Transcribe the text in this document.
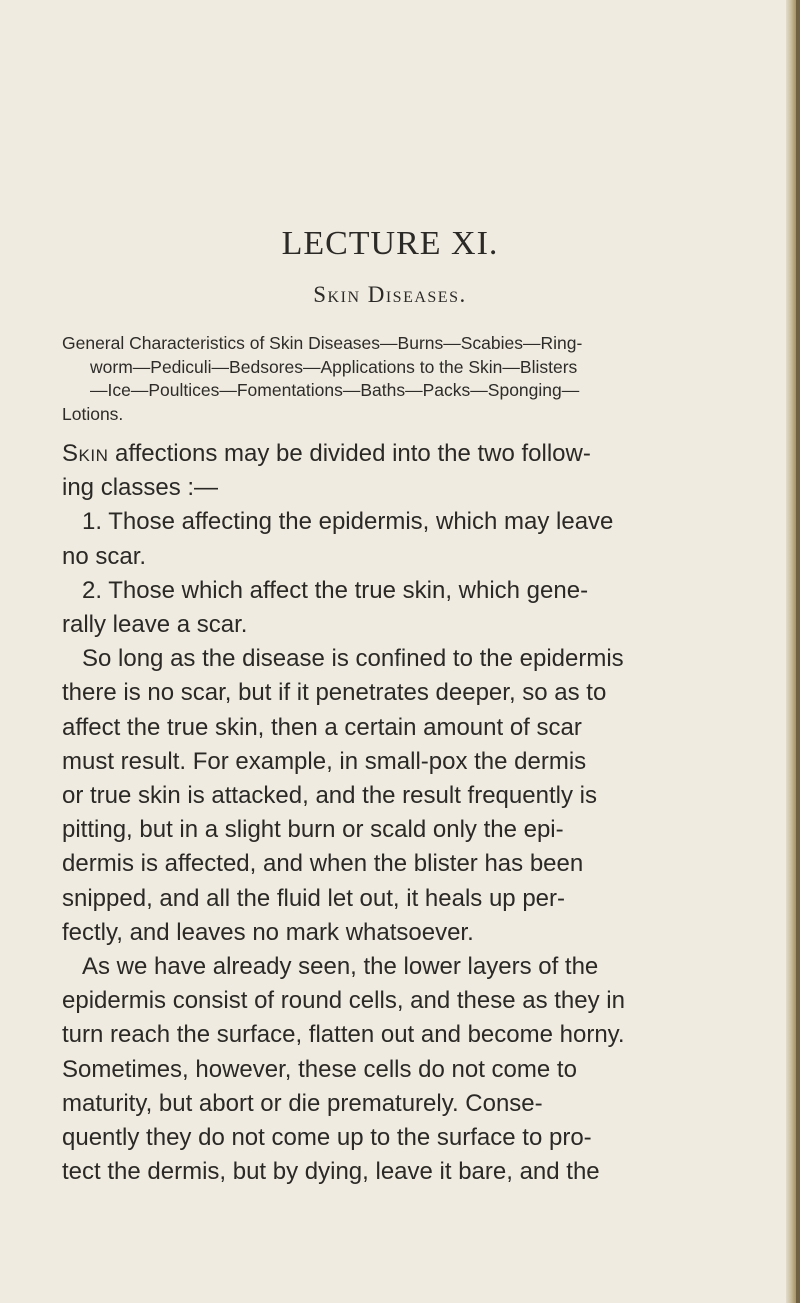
LECTURE XI.
Skin Diseases.
General Characteristics of Skin Diseases—Burns—Scabies—Ring-
worm—Pediculi—Bedsores—Applications to the Skin—Blisters
—Ice—Poultices—Fomentations—Baths—Packs—Sponging—
Lotions.
Skin affections may be divided into the two follow-
ing classes :—
1. Those affecting the epidermis, which may leave
no scar.
2. Those which affect the true skin, which gene-
rally leave a scar.
So long as the disease is confined to the epidermis
there is no scar, but if it penetrates deeper, so as to
affect the true skin, then a certain amount of scar
must result. For example, in small-pox the dermis
or true skin is attacked, and the result frequently is
pitting, but in a slight burn or scald only the epi-
dermis is affected, and when the blister has been
snipped, and all the fluid let out, it heals up per-
fectly, and leaves no mark whatsoever.
As we have already seen, the lower layers of the
epidermis consist of round cells, and these as they in
turn reach the surface, flatten out and become horny.
Sometimes, however, these cells do not come to
maturity, but abort or die prematurely. Conse-
quently they do not come up to the surface to pro-
tect the dermis, but by dying, leave it bare, and the
